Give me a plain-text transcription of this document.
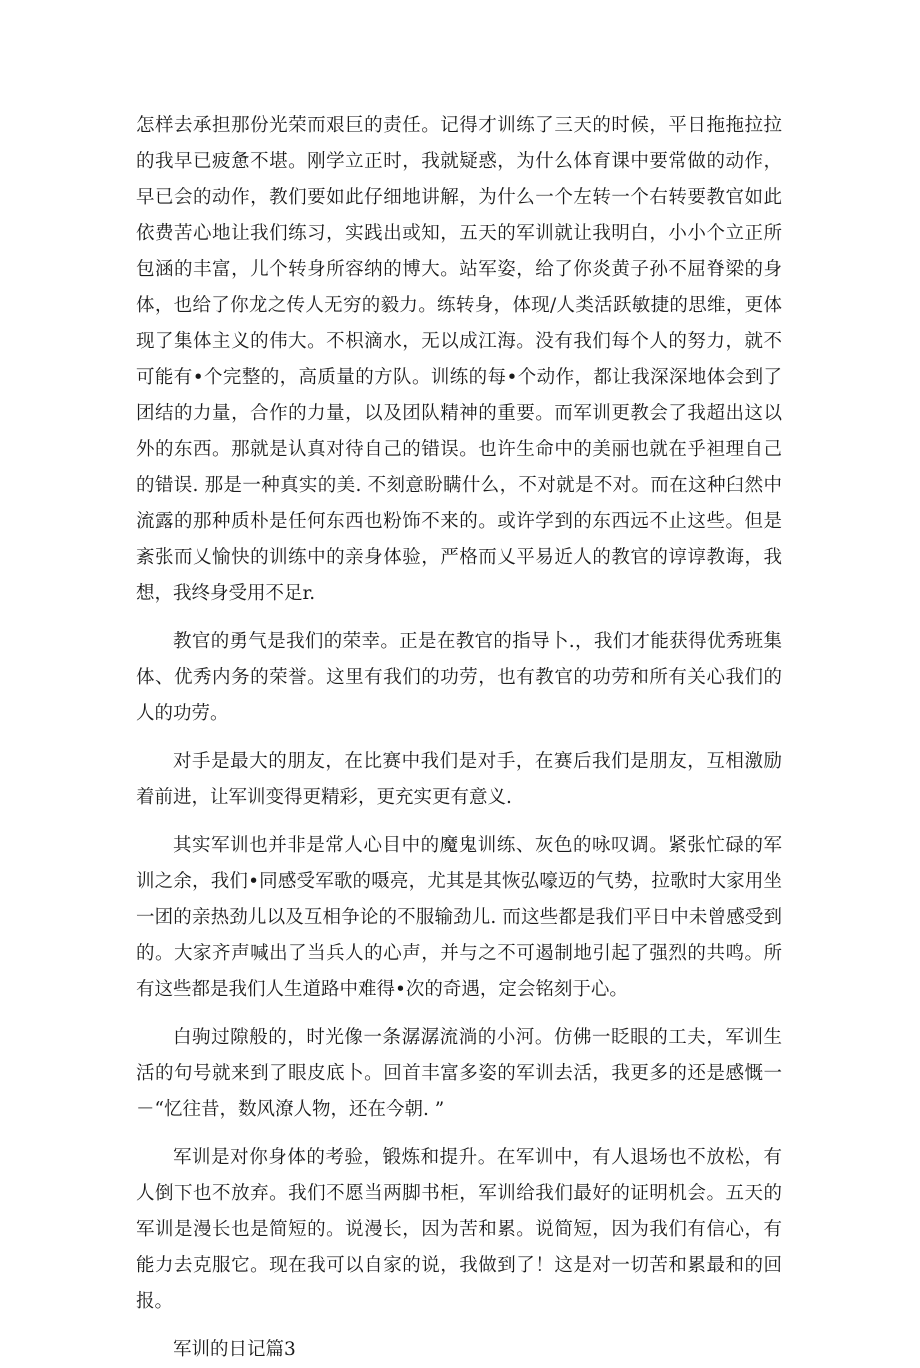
怎样去承担那份光荣而艰巨的责任。记得才训练了三天的时候，平日拖拖拉拉的我早已疲惫不堪。刚学立正时，我就疑惑，为什么体育课中要常做的动作，早已会的动作，教们要如此仔细地讲解，为什么一个左转一个右转要教官如此依费苦心地让我们练习，实践出或知，五天的军训就让我明白，小小个立正所包涵的丰富，儿个转身所容纳的博大。站军姿，给了你炎黄子孙不屈脊梁的身体，也给了你龙之传人无穷的毅力。练转身，体现/人类活跃敏捷的思维，更体现了集体主义的伟大。不枳滴水，无以成江海。没有我们每个人的努力，就不可能有•个完整的，高质量的方队。训练的每•个动作，都让我深深地体会到了团结的力量，合作的力量，以及团队精神的重要。而军训更教会了我超出这以外的东西。那就是认真对待自己的错误。也许生命中的美丽也就在乎袒理自己的错误. 那是一种真实的美. 不刻意盼瞒什么，不对就是不对。而在这种臼然中流露的那种质朴是任何东西也粉饰不来的。或许学到的东西远不止这些。但是紊张而乂愉快的训练中的亲身体验，严格而乂平易近人的教官的谆谆教诲，我想，我终身受用不足r.

教官的勇气是我们的荣幸。正是在教官的指导卜.，我们才能获得优秀班集体、优秀内务的荣誉。这里有我们的功劳，也有教官的功劳和所有关心我们的人的功劳。

对手是最大的朋友，在比赛中我们是对手，在赛后我们是朋友，互相激励着前进，让军训变得更精彩，更充实更有意义.

其实军训也并非是常人心目中的魔鬼训练、灰色的咏叹调。紧张忙碌的军训之余，我们•同感受军歌的嗫亮，尤其是其恢弘嚎迈的气势，拉歌时大家用坐一团的亲热劲儿以及互相争论的不服输劲儿. 而这些都是我们平日中未曾感受到的。大家齐声喊出了当兵人的心声，并与之不可遏制地引起了强烈的共鸣。所有这些都是我们人生道路中难得•次的奇遇，定会铭刻于心。

白驹过隙般的，时光像一条潺潺流淌的小河。仿佛一眨眼的工夫，军训生活的句号就来到了眼皮底卜。回首丰富多姿的军训去活，我更多的还是感慨一－“忆往昔，数风潦人物，还在今朝. ”

军训是对你身体的考验，锻炼和提升。在军训中，有人退场也不放松，有人倒下也不放弃。我们不愿当两脚书柜，军训给我们最好的证明机会。五天的军训是漫长也是简短的。说漫长，因为苦和累。说简短，因为我们有信心，有能力去克服它。现在我可以自家的说，我做到了！这是对一切苦和累最和的回报。

军训的日记篇3
